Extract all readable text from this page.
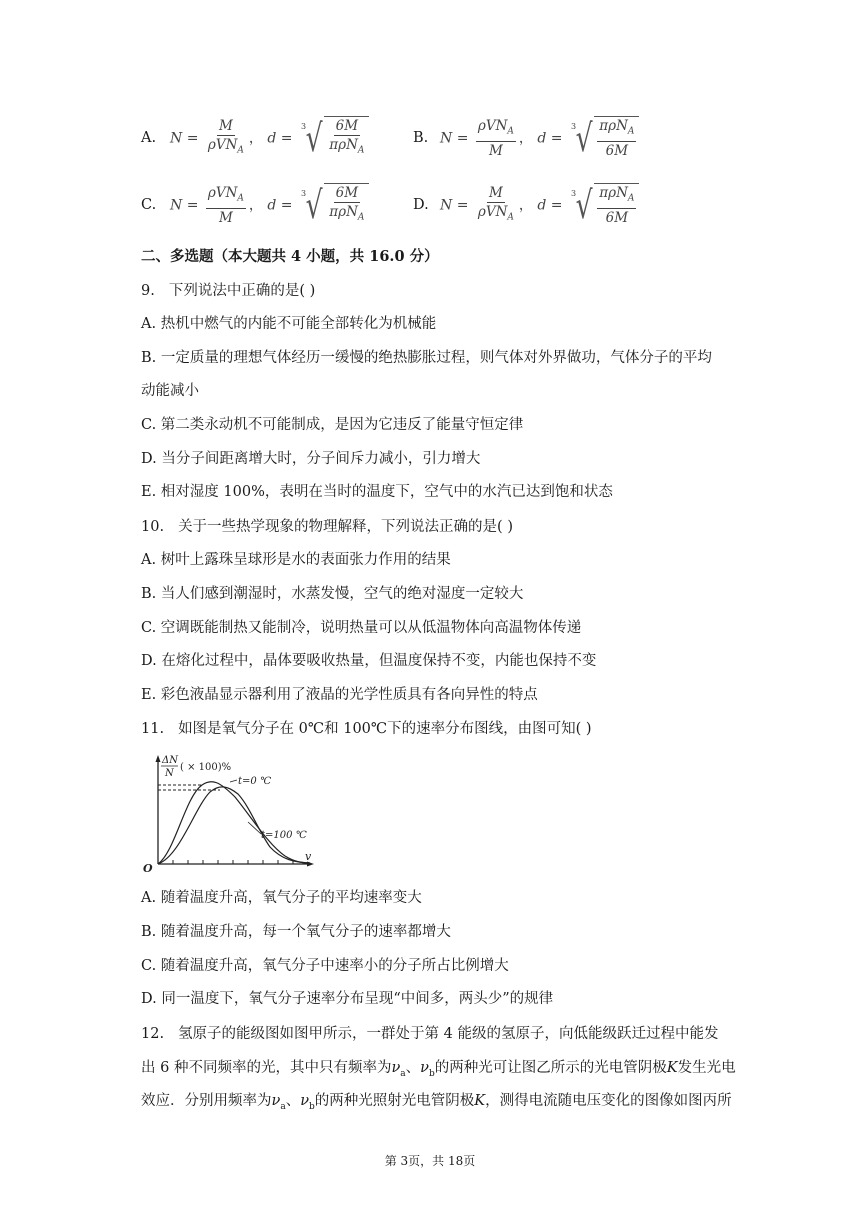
A. $N = \frac{M}{\rho VN_A}$ ， d =
3 √ $\frac{6M}{\pi\rho N_A}$	B. $N = \frac{\rho VN_A}{M}$ ， d =
3 √ $\frac{\pi\rho N_A}{6M}$
C. $N = \frac{\rho VN_A}{M}$ ， d =
3 √ $\frac{6M}{\pi\rho N_A}$	D. $N = \frac{M}{\rho VN_A}$ ， d =
3 √ $\frac{\pi\rho N_A}{6M}$
二、多选题（本大题共 4 小题，共 16.0 分）
9. 下列说法中正确的是( )
A. 热机中燃气的内能不可能全部转化为机械能
B. 一定质量的理想气体经历一缓慢的绝热膨胀过程，则气体对外界做功，气体分子的平均
动能减小
C. 第二类永动机不可能制成，是因为它违反了能量守恒定律
D. 当分子间距离增大时，分子间斥力减小，引力增大
E. 相对湿度 100%，表明在当时的温度下，空气中的水汽已达到饱和状态
10. 关于一些热学现象的物理解释，下列说法正确的是( )
A. 树叶上露珠呈球形是水的表面张力作用的结果
B. 当人们感到潮湿时，水蒸发慢，空气的绝对湿度一定较大
C. 空调既能制热又能制冷，说明热量可以从低温物体向高温物体传递
D. 在熔化过程中，晶体要吸收热量，但温度保持不变，内能也保持不变
E. 彩色液晶显示器利用了液晶的光学性质具有各向异性的特点
11. 如图是氧气分子在 0℃和 100℃下的速率分布图线，由图可知( )
ΔN
N
( × 100)%
t=0 ℃
t=100 ℃
v
O
A. 随着温度升高，氧气分子的平均速率变大
B. 随着温度升高，每一个氧气分子的速率都增大
C. 随着温度升高，氧气分子中速率小的分子所占比例增大
D. 同一温度下，氧气分子速率分布呈现“中间多，两头少”的规律
12. 氢原子的能级图如图甲所示，一群处于第 4 能级的氢原子，向低能级跃迁过程中能发
出 6 种不同频率的光，其中只有频率为$\nu_a$、$\nu_b$的两种光可让图乙所示的光电管阴极K发生光电
效应．分别用频率为$\nu_a$、$\nu_b$的两种光照射光电管阴极K，测得电流随电压变化的图像如图丙所
第 3页，共 18页
